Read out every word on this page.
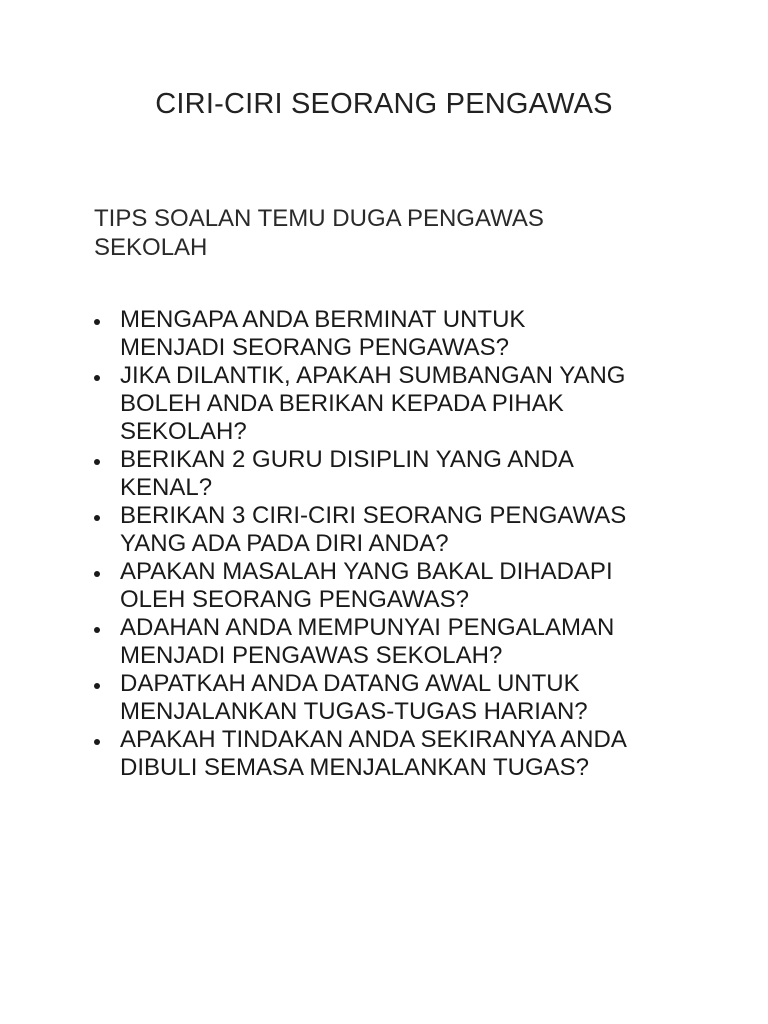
CIRI-CIRI SEORANG PENGAWAS
TIPS SOALAN TEMU DUGA PENGAWAS
SEKOLAH
MENGAPA ANDA BERMINAT UNTUK
MENJADI SEORANG PENGAWAS?
JIKA DILANTIK, APAKAH SUMBANGAN YANG
BOLEH ANDA BERIKAN KEPADA PIHAK
SEKOLAH?
BERIKAN 2 GURU DISIPLIN YANG ANDA
KENAL?
BERIKAN 3 CIRI-CIRI SEORANG PENGAWAS
YANG ADA PADA DIRI ANDA?
APAKAN MASALAH YANG BAKAL DIHADAPI
OLEH SEORANG PENGAWAS?
ADAHAN ANDA MEMPUNYAI PENGALAMAN
MENJADI PENGAWAS SEKOLAH?
DAPATKAH ANDA DATANG AWAL UNTUK
MENJALANKAN TUGAS-TUGAS HARIAN?
APAKAH TINDAKAN ANDA SEKIRANYA ANDA
DIBULI SEMASA MENJALANKAN TUGAS?
